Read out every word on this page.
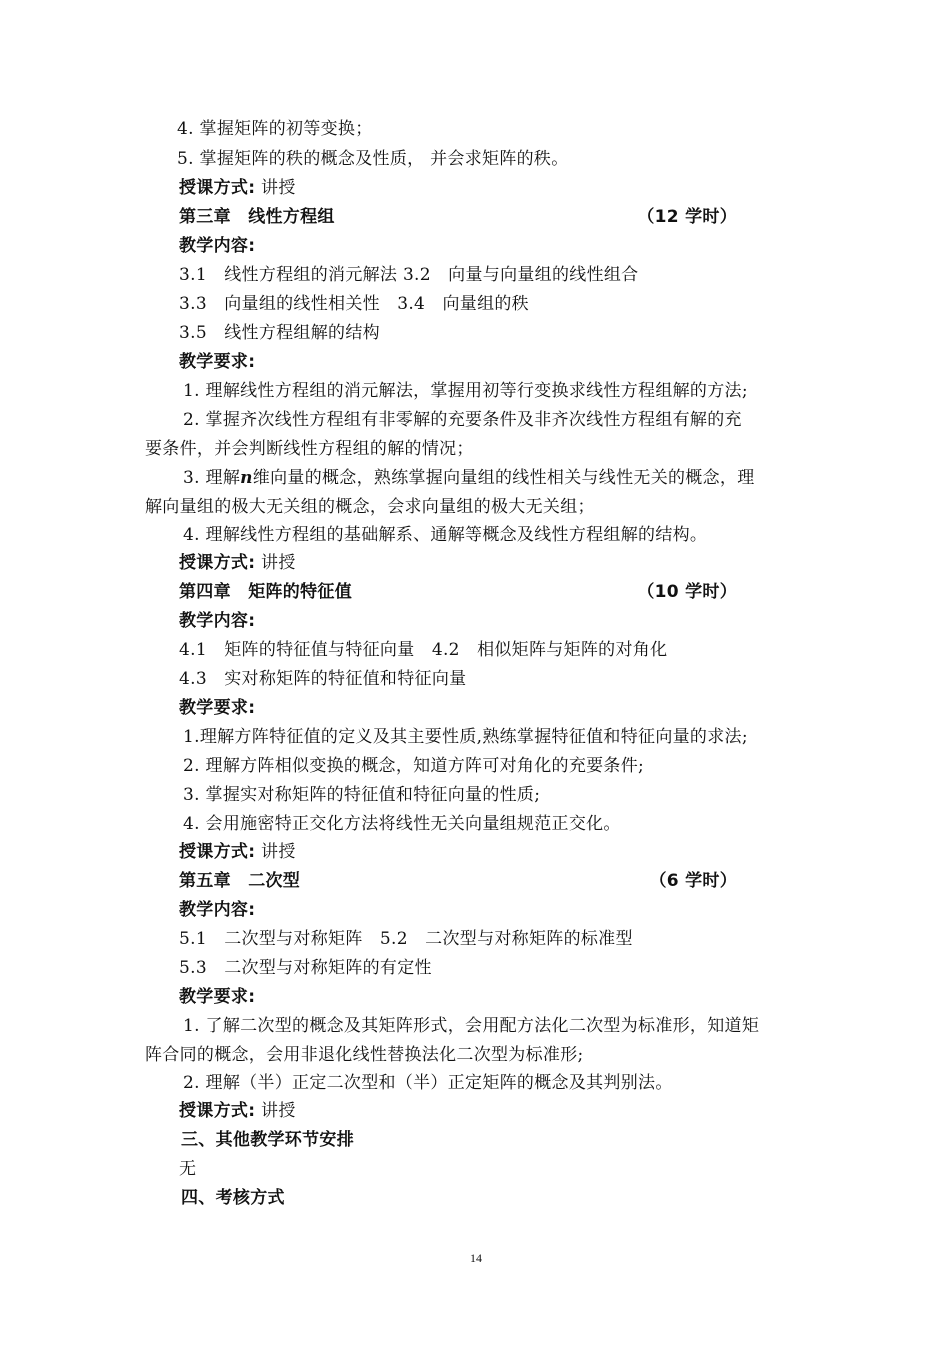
4. 掌握矩阵的初等变换；
5. 掌握矩阵的秩的概念及性质， 并会求矩阵的秩。
授课方式: 讲授
第三章　线性方程组	（12 学时）
教学内容:
3.1　线性方程组的消元解法 3.2　向量与向量组的线性组合
3.3　向量组的线性相关性　3.4　向量组的秩
3.5　线性方程组解的结构
教学要求:
1. 理解线性方程组的消元解法，掌握用初等行变换求线性方程组解的方法;
2. 掌握齐次线性方程组有非零解的充要条件及非齐次线性方程组有解的充
要条件，并会判断线性方程组的解的情况；
3. 理解n维向量的概念，熟练掌握向量组的线性相关与线性无关的概念，理
解向量组的极大无关组的概念，会求向量组的极大无关组；
4. 理解线性方程组的基础解系、通解等概念及线性方程组解的结构。
授课方式: 讲授
第四章　矩阵的特征值	（10 学时）
教学内容:
4.1　矩阵的特征值与特征向量　4.2　相似矩阵与矩阵的对角化
4.3　实对称矩阵的特征值和特征向量
教学要求:
1.理解方阵特征值的定义及其主要性质,熟练掌握特征值和特征向量的求法;
2. 理解方阵相似变换的概念，知道方阵可对角化的充要条件;
3. 掌握实对称矩阵的特征值和特征向量的性质;
4. 会用施密特正交化方法将线性无关向量组规范正交化。
授课方式: 讲授
第五章　二次型	（6 学时）
教学内容:
5.1　二次型与对称矩阵　5.2　二次型与对称矩阵的标准型
5.3　二次型与对称矩阵的有定性
教学要求:
1. 了解二次型的概念及其矩阵形式，会用配方法化二次型为标准形，知道矩
阵合同的概念，会用非退化线性替换法化二次型为标准形;
2. 理解（半）正定二次型和（半）正定矩阵的概念及其判别法。
授课方式: 讲授
三、其他教学环节安排
无
四、考核方式
14
